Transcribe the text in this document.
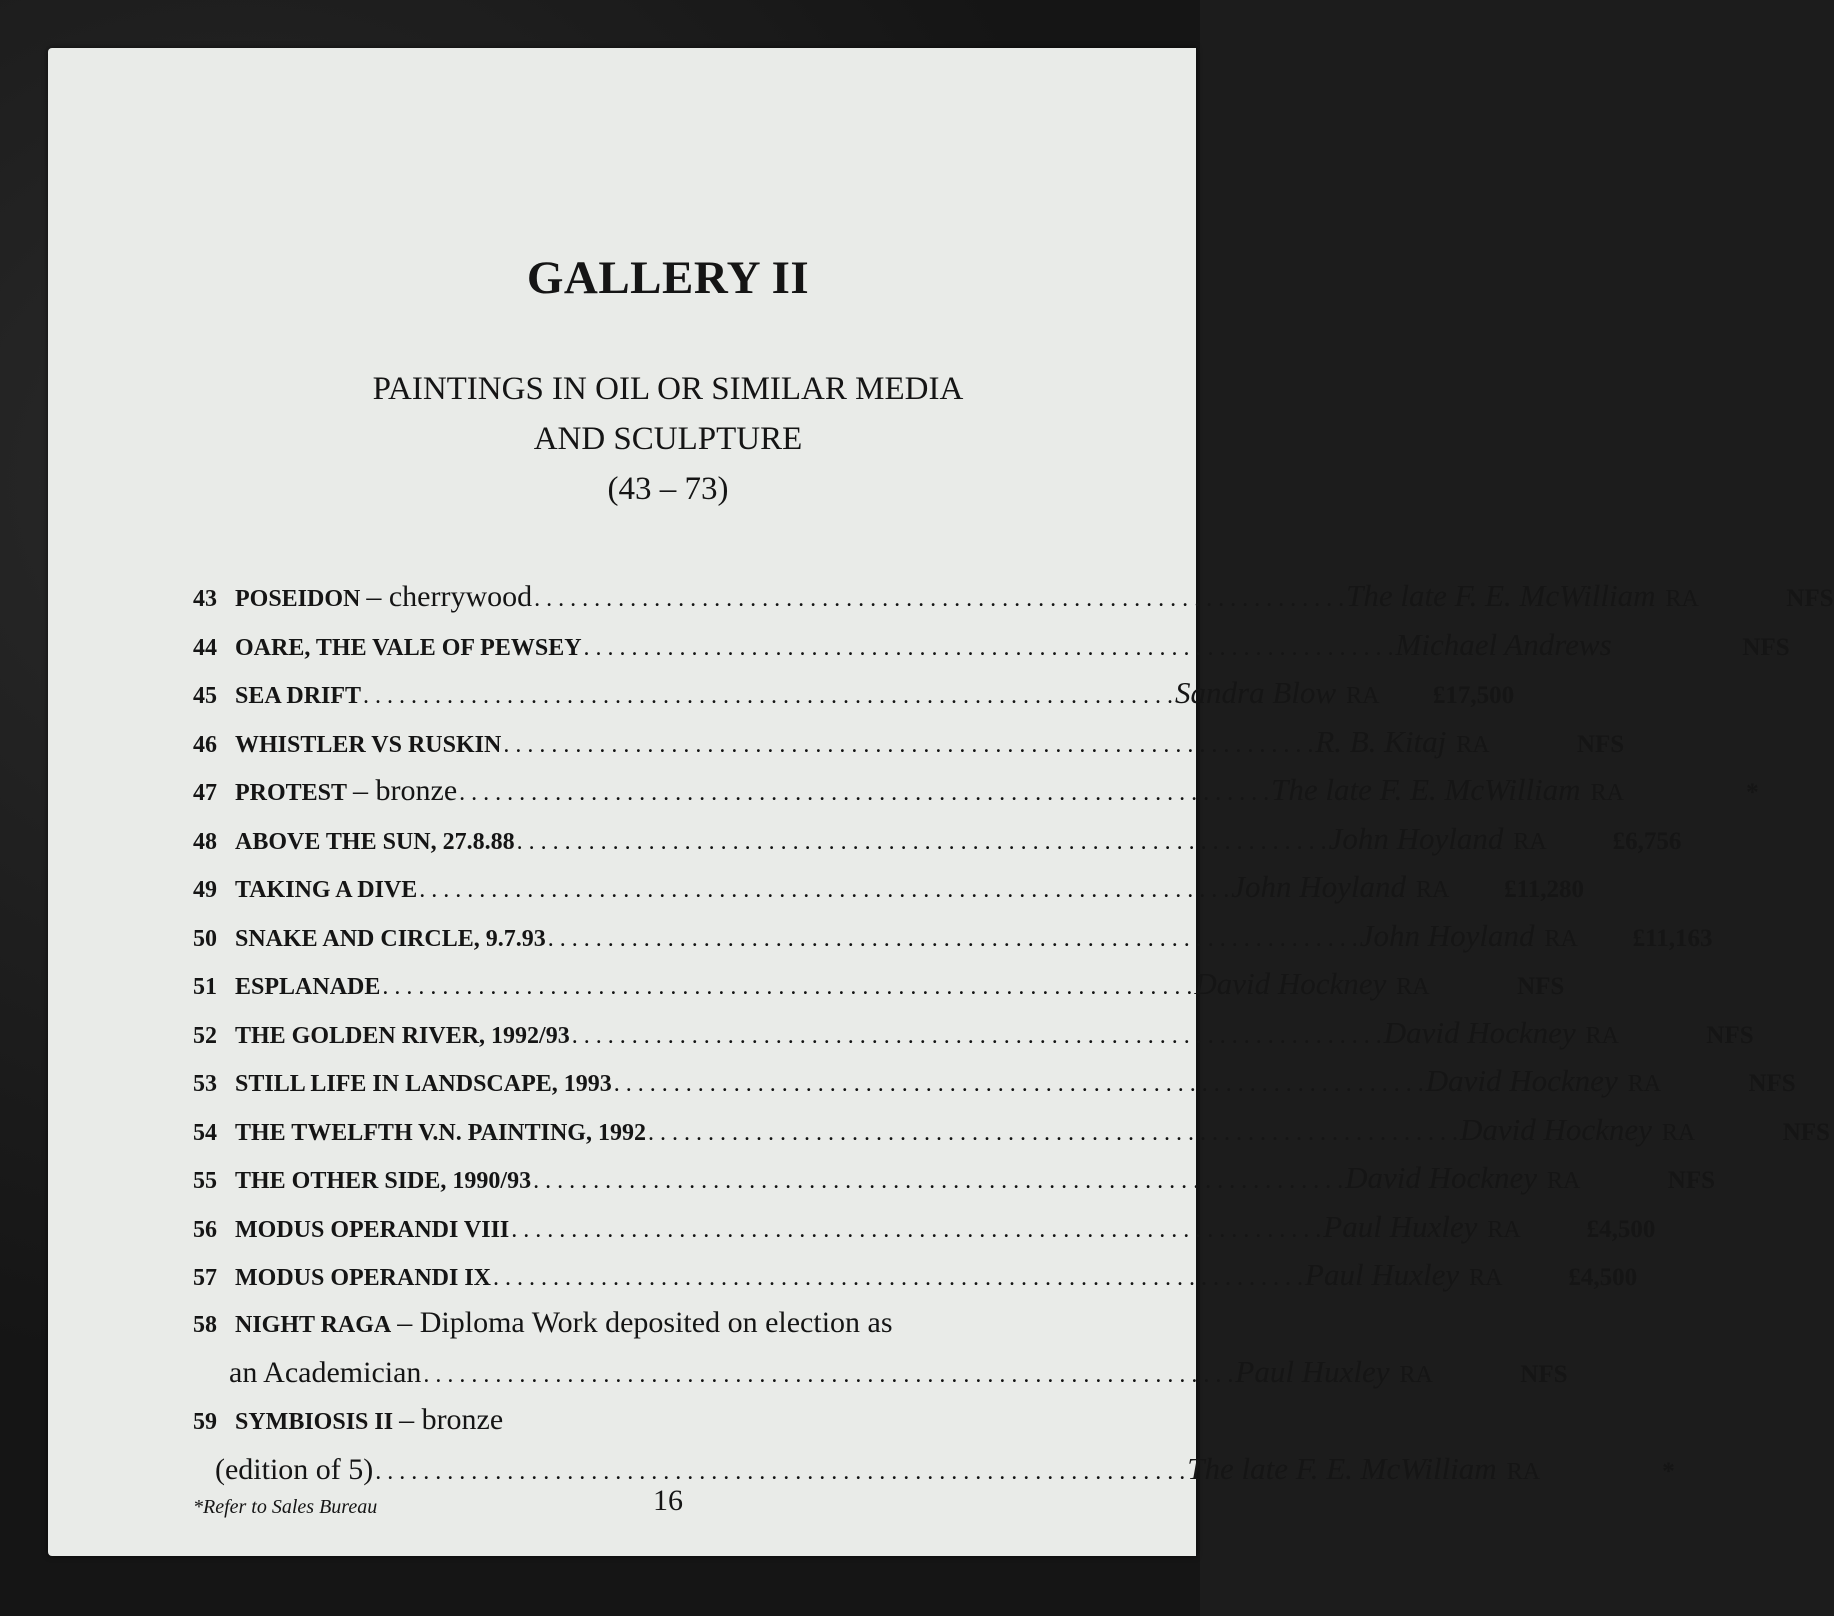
GALLERY II
PAINTINGS IN OIL OR SIMILAR MEDIA
AND SCULPTURE
(43 – 73)
43 POSEIDON – cherrywood . . .	The late F. E. McWilliam RA	NFS
44 OARE, THE VALE OF PEWSEY . . .	Michael Andrews	NFS
45 SEA DRIFT . . .	Sandra Blow RA	£17,500
46 WHISTLER VS RUSKIN . . .	R. B. Kitaj RA	NFS
47 PROTEST – bronze . . .	The late F. E. McWilliam RA	*
48 ABOVE THE SUN, 27.8.88 . . .	John Hoyland RA	£6,756
49 TAKING A DIVE . . .	John Hoyland RA	£11,280
50 SNAKE AND CIRCLE, 9.7.93 . . .	John Hoyland RA	£11,163
51 ESPLANADE . . .	David Hockney RA	NFS
52 THE GOLDEN RIVER, 1992/93 . . .	David Hockney RA	NFS
53 STILL LIFE IN LANDSCAPE, 1993 . . .	David Hockney RA	NFS
54 THE TWELFTH V.N. PAINTING, 1992 . . .	David Hockney RA	NFS
55 THE OTHER SIDE, 1990/93 . . .	David Hockney RA	NFS
56 MODUS OPERANDI VIII . . .	Paul Huxley RA	£4,500
57 MODUS OPERANDI IX . . .	Paul Huxley RA	£4,500
58 NIGHT RAGA – Diploma Work deposited on election as
an Academician . . .	Paul Huxley RA	NFS
59 SYMBIOSIS II – bronze
(edition of 5) . . .	The late F. E. McWilliam RA	*
*Refer to Sales Bureau	16
